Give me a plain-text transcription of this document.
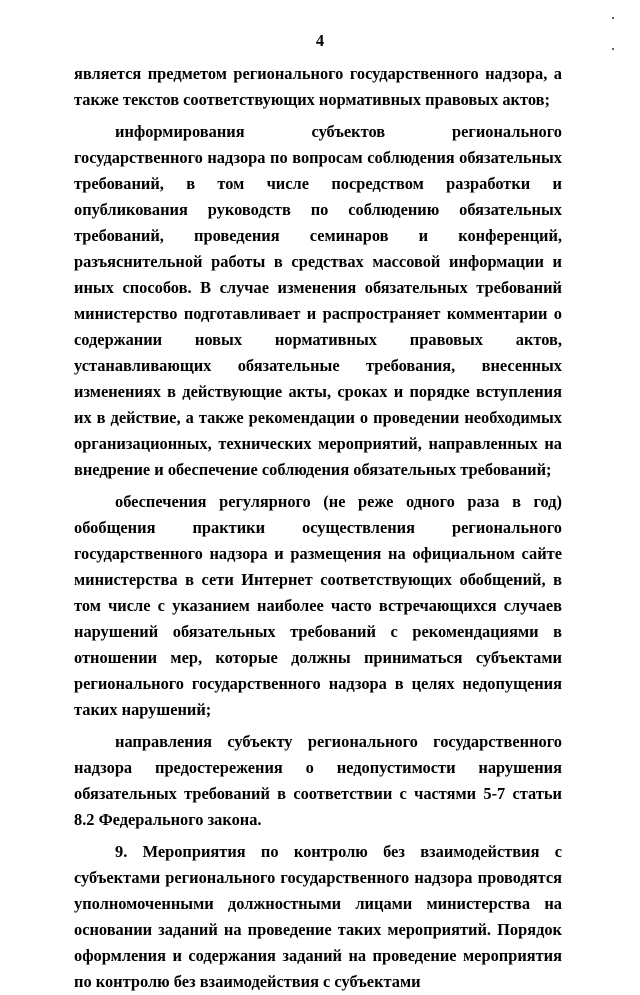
4

является предметом регионального государственного надзора, а также текстов соответствующих нормативных правовых актов;

информирования субъектов регионального государственного надзора по вопросам соблюдения обязательных требований, в том числе посредством разработки и опубликования руководств по соблюдению обязательных требований, проведения семинаров и конференций, разъяснительной работы в средствах массовой информации и иных способов. В случае изменения обязательных требований министерство подготавливает и распространяет комментарии о содержании новых нормативных правовых актов, устанавливающих обязательные требования, внесенных изменениях в действующие акты, сроках и порядке вступления их в действие, а также рекомендации о проведении необходимых организационных, технических мероприятий, направленных на внедрение и обеспечение соблюдения обязательных требований;

обеспечения регулярного (не реже одного раза в год) обобщения практики осуществления регионального государственного надзора и размещения на официальном сайте министерства в сети Интернет соответствующих обобщений, в том числе с указанием наиболее часто встречающихся случаев нарушений обязательных требований с рекомендациями в отношении мер, которые должны приниматься субъектами регионального государственного надзора в целях недопущения таких нарушений;

направления субъекту регионального государственного надзора предостережения о недопустимости нарушения обязательных требований в соответствии с частями 5-7 статьи 8.2 Федерального закона.

9. Мероприятия по контролю без взаимодействия с субъектами регионального государственного надзора проводятся уполномоченными должностными лицами министерства на основании заданий на проведение таких мероприятий. Порядок оформления и содержания заданий на проведение мероприятия по контролю без взаимодействия с субъектами
